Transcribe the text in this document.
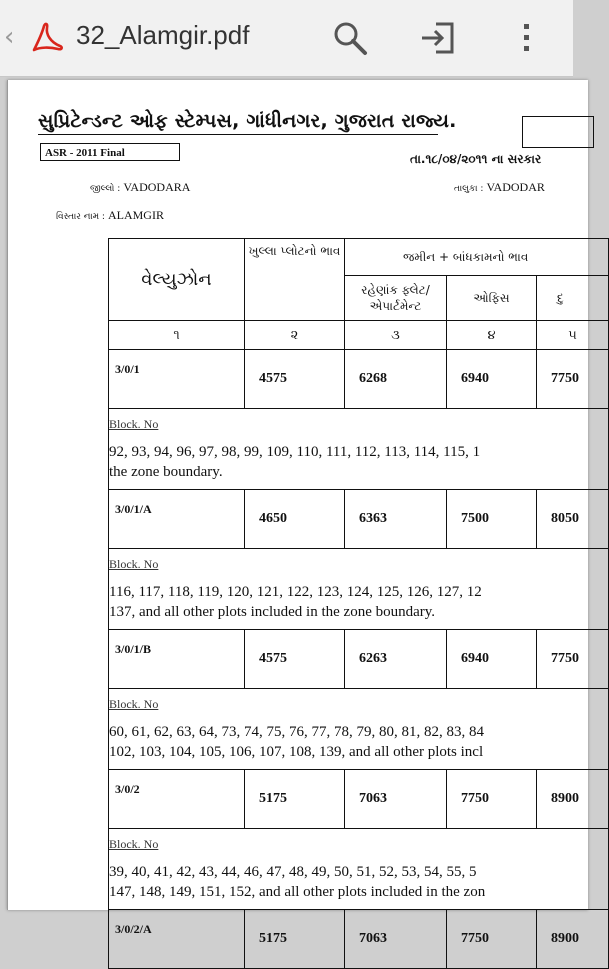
‹ 32_Alamgir.pdf
સુપ્રિટેન્ડન્ટ ઓફ સ્ટેમ્પસ, ગાંધીનગર, ગુજરાત રાજ્ય.
ASR - 2011 Final	તા.૧૮/૦૪/૨૦૧૧ ના સરકાર
જીલ્લો : VADODARA	તાલુકા : VADODAR
વિસ્તાર નામ : ALAMGIR
વેલ્યુઝોન	ખુલ્લા પ્લોટનો ભાવ	જમીન + બાંધકામનો ભાવ		
		રહેણાંક ફ્લેટ/ એપાર્ટમેન્ટ	ઓફિસ	દુ
૧	૨	૩	૪	૫
3/0/1	4575	6268	6940	7750

Block. No
92, 93, 94, 96, 97, 98, 99, 109, 110, 111, 112, 113, 114, 115, 1
the zone boundary.				

3/0/1/A	4650	6363	7500	8050

Block. No
116, 117, 118, 119, 120, 121, 122, 123, 124, 125, 126, 127, 12
137, and all other plots included in the zone boundary.				

3/0/1/B	4575	6263	6940	7750

Block. No
60, 61, 62, 63, 64, 73, 74, 75, 76, 77, 78, 79, 80, 81, 82, 83, 84
102, 103, 104, 105, 106, 107, 108, 139, and all other plots incl				

3/0/2	5175	7063	7750	8900

Block. No
39, 40, 41, 42, 43, 44, 46, 47, 48, 49, 50, 51, 52, 53, 54, 55, 5
147, 148, 149, 151, 152, and all other plots included in the zon				

3/0/2/A	5175	7063	7750	8900
